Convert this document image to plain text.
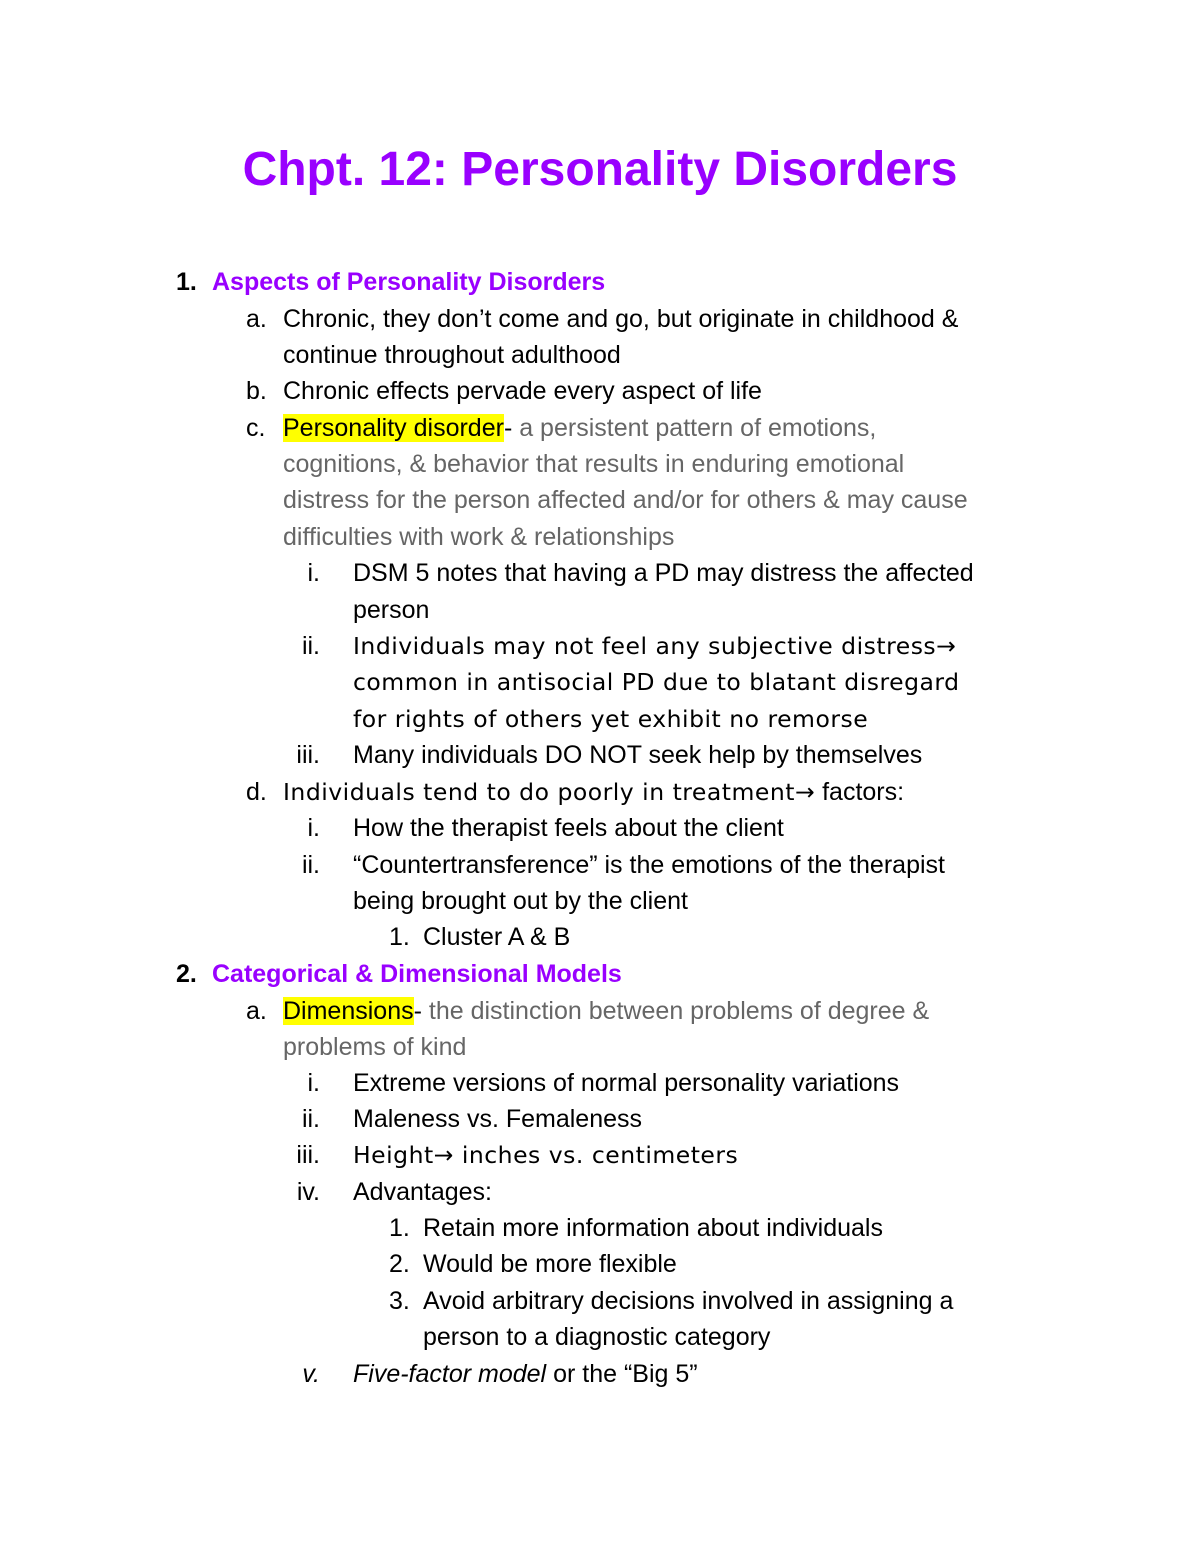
Chpt. 12: Personality Disorders
1. Aspects of Personality Disorders
a. Chronic, they don’t come and go, but originate in childhood &
continue throughout adulthood
b. Chronic effects pervade every aspect of life
c. Personality disorder- a persistent pattern of emotions,
cognitions, & behavior that results in enduring emotional
distress for the person affected and/or for others & may cause
difficulties with work & relationships
i. DSM 5 notes that having a PD may distress the affected
person
ii. Individuals may not feel any subjective distress→
common in antisocial PD due to blatant disregard
for rights of others yet exhibit no remorse
iii. Many individuals DO NOT seek help by themselves
d. Individuals tend to do poorly in treatment→ factors:
i. How the therapist feels about the client
ii. “Countertransference” is the emotions of the therapist
being brought out by the client
1. Cluster A & B
2. Categorical & Dimensional Models
a. Dimensions- the distinction between problems of degree &
problems of kind
i. Extreme versions of normal personality variations
ii. Maleness vs. Femaleness
iii. Height→ inches vs. centimeters
iv. Advantages:
1. Retain more information about individuals
2. Would be more flexible
3. Avoid arbitrary decisions involved in assigning a
person to a diagnostic category
v. Five-factor model or the “Big 5”
